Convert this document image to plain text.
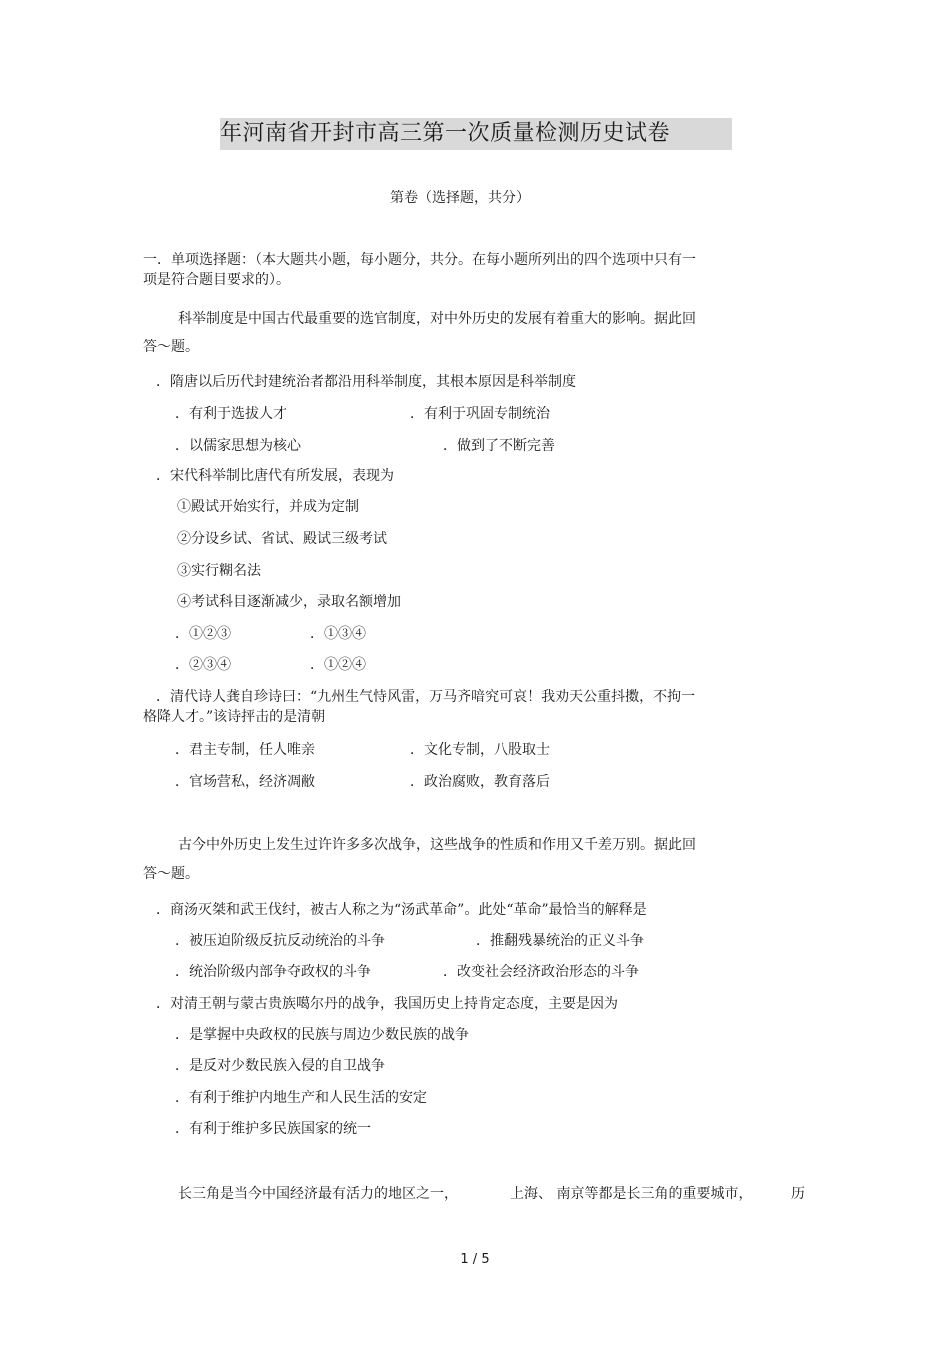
年河南省开封市高三第一次质量检测历史试卷
第卷（选择题，共分）
一．单项选择题：（本大题共小题，每小题分，共分。在每小题所列出的四个选项中只有一
项是符合题目要求的）。
科举制度是中国古代最重要的选官制度，对中外历史的发展有着重大的影响。据此回
答～题。
．隋唐以后历代封建统治者都沿用科举制度，其根本原因是科举制度
．有利于选拔人才	．有利于巩固专制统治
．以儒家思想为核心	．做到了不断完善
．宋代科举制比唐代有所发展，表现为
①殿试开始实行，并成为定制
②分设乡试、省试、殿试三级考试
③实行糊名法
④考试科目逐渐减少，录取名额增加
．①②③	．①③④
．②③④	．①②④
．清代诗人龚自珍诗曰：“九州生气恃风雷，万马齐喑究可哀！我劝天公重抖擞，不拘一
格降人才。”该诗抨击的是清朝
．君主专制，任人唯亲	．文化专制，八股取士
．官场营私，经济凋敝	．政治腐败，教育落后
古今中外历史上发生过许许多多次战争，这些战争的性质和作用又千差万别。据此回
答～题。
．商汤灭桀和武王伐纣，被古人称之为“汤武革命”。此处“革命”最恰当的解释是
．被压迫阶级反抗反动统治的斗争	．推翻残暴统治的正义斗争
．统治阶级内部争夺政权的斗争	．改变社会经济政治形态的斗争
．对清王朝与蒙古贵族噶尔丹的战争，我国历史上持肯定态度，主要是因为
．是掌握中央政权的民族与周边少数民族的战争
．是反对少数民族入侵的自卫战争
．有利于维护内地生产和人民生活的安定
．有利于维护多民族国家的统一
长三角是当今中国经济最有活力的地区之一，	上海、 南京等都是长三角的重要城市，	历
1 / 5
